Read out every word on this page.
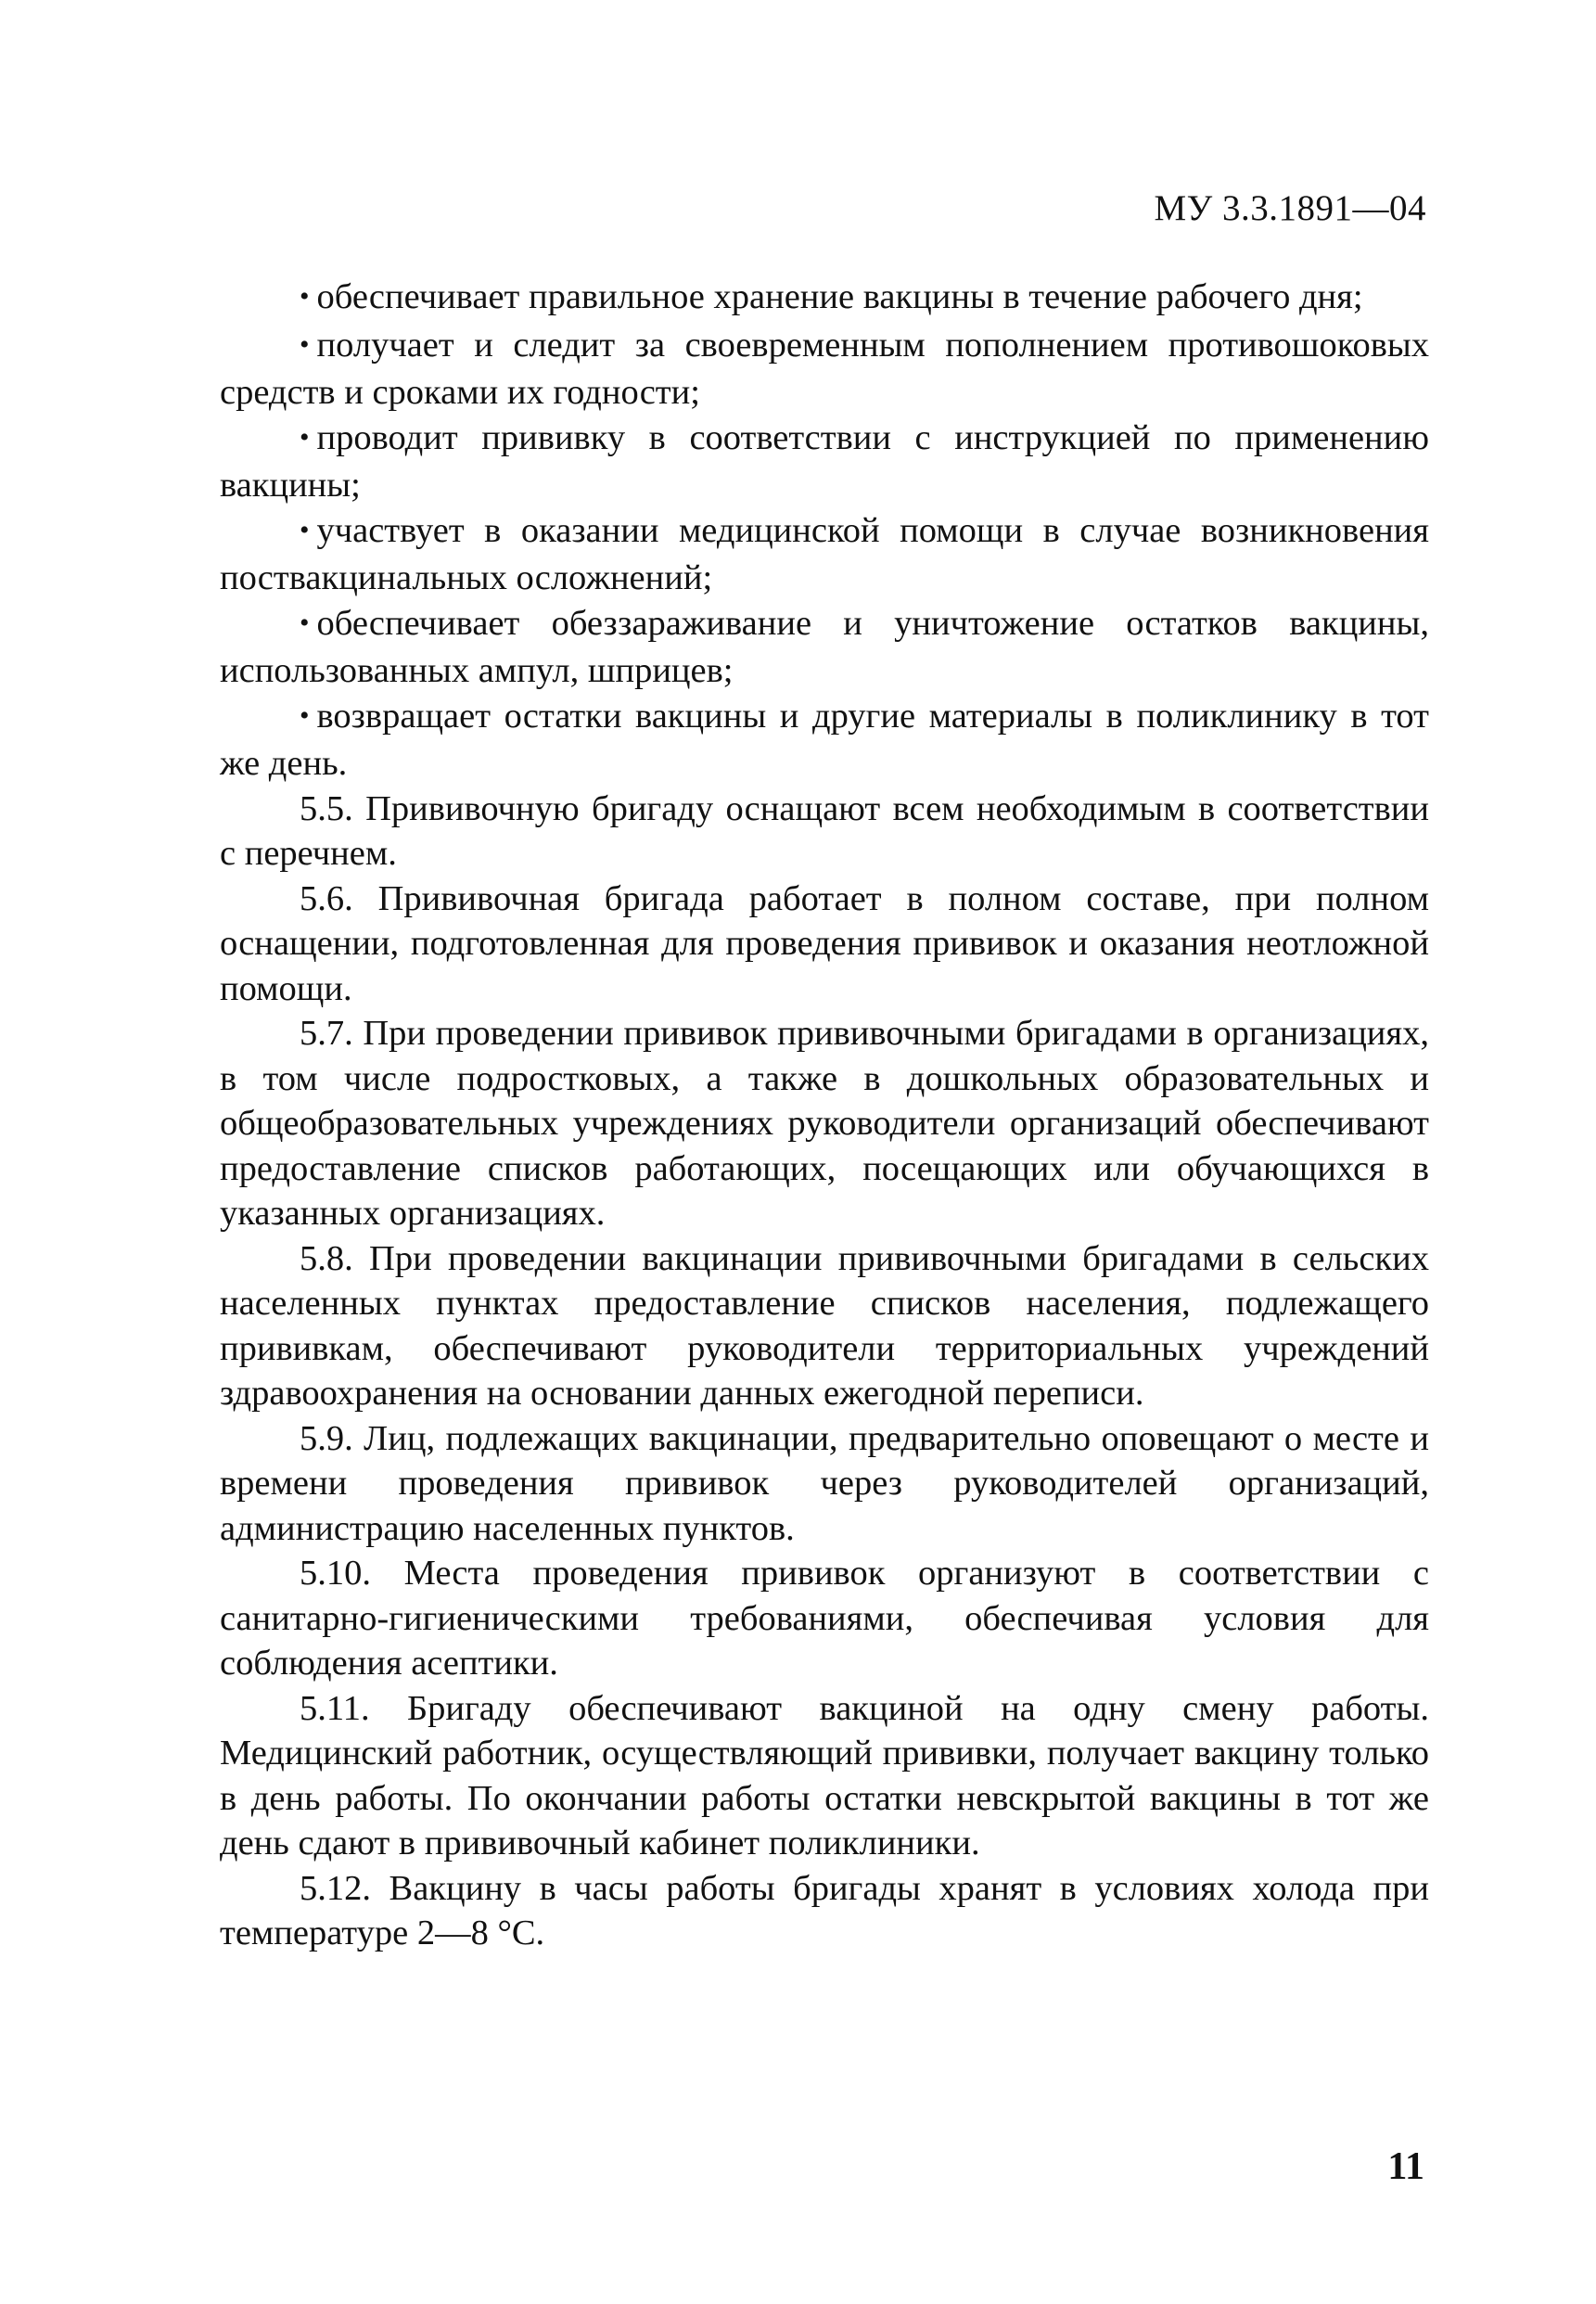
МУ 3.3.1891—04

• обеспечивает правильное хранение вакцины в течение рабочего дня;

• получает и следит за своевременным пополнением противошоковых средств и сроками их годности;

• проводит прививку в соответствии с инструкцией по применению вакцины;

• участвует в оказании медицинской помощи в случае возникновения поствакцинальных осложнений;

• обеспечивает обеззараживание и уничтожение остатков вакцины, использованных ампул, шприцев;

• возвращает остатки вакцины и другие материалы в поликлинику в тот же день.

5.5. Прививочную бригаду оснащают всем необходимым в соответствии с перечнем.

5.6. Прививочная бригада работает в полном составе, при полном оснащении, подготовленная для проведения прививок и оказания неотложной помощи.

5.7. При проведении прививок прививочными бригадами в организациях, в том числе подростковых, а также в дошкольных образовательных и общеобразовательных учреждениях руководители организаций обеспечивают предоставление списков работающих, посещающих или обучающихся в указанных организациях.

5.8. При проведении вакцинации прививочными бригадами в сельских населенных пунктах предоставление списков населения, подлежащего прививкам, обеспечивают руководители территориальных учреждений здравоохранения на основании данных ежегодной переписи.

5.9. Лиц, подлежащих вакцинации, предварительно оповещают о месте и времени проведения прививок через руководителей организаций, администрацию населенных пунктов.

5.10. Места проведения прививок организуют в соответствии с санитарно-гигиеническими требованиями, обеспечивая условия для соблюдения асептики.

5.11. Бригаду обеспечивают вакциной на одну смену работы. Медицинский работник, осуществляющий прививки, получает вакцину только в день работы. По окончании работы остатки невскрытой вакцины в тот же день сдают в прививочный кабинет поликлиники.

5.12. Вакцину в часы работы бригады хранят в условиях холода при температуре 2—8 °С.

11
